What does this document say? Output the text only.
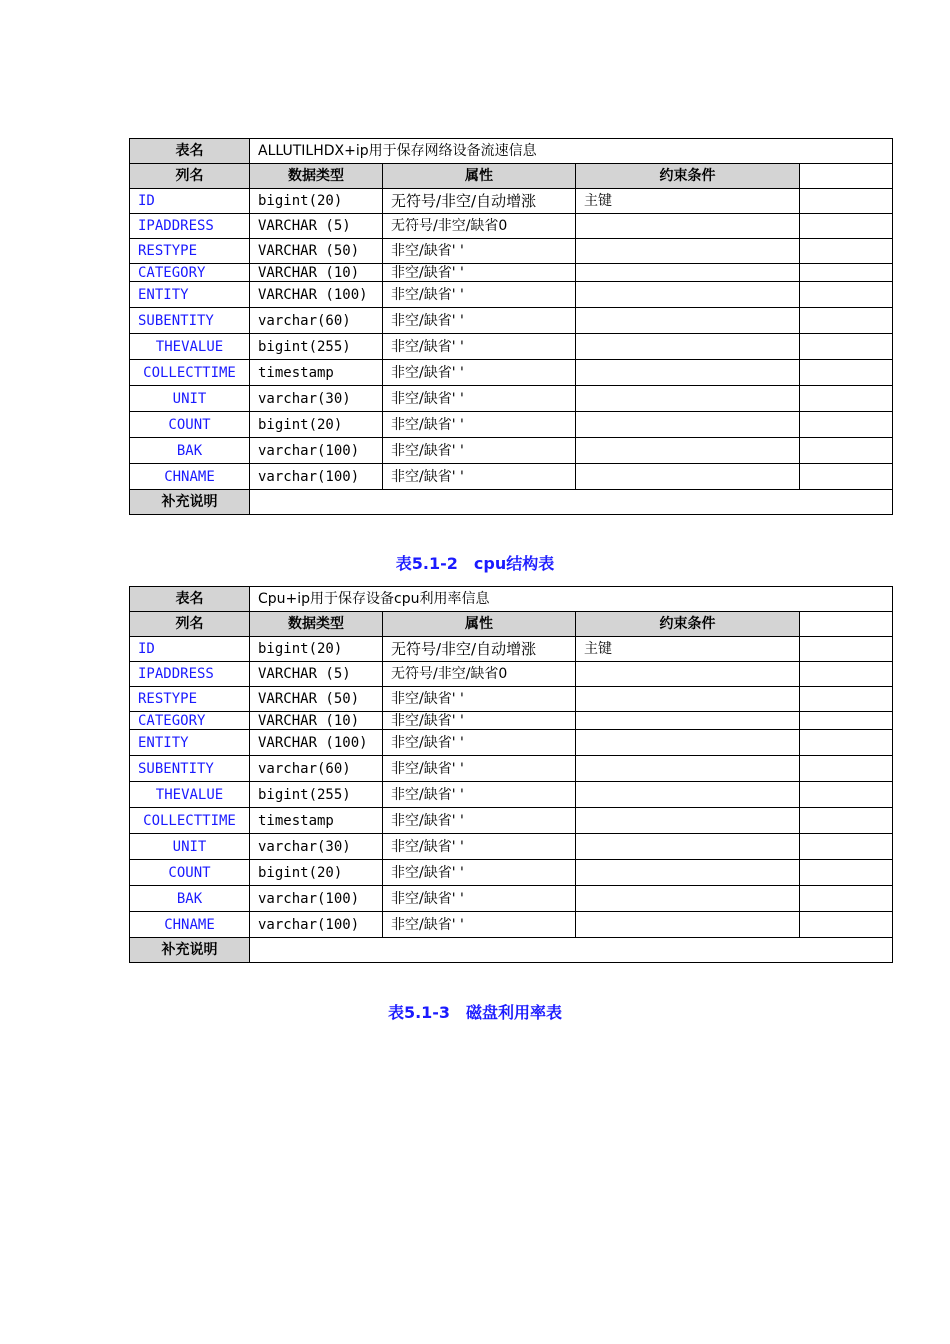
表名	ALLUTILHDX+ip用于保存网络设备流速信息			
列名	数据类型	属性	约束条件	
ID	bigint(20)	无符号/非空/自动增涨	主键	
IPADDRESS	VARCHAR (5)	无符号/非空/缺省0		
RESTYPE	VARCHAR (50)	非空/缺省' '		
CATEGORY	VARCHAR (10)	非空/缺省' '		
ENTITY	VARCHAR (100)	非空/缺省' '		
SUBENTITY	varchar(60)	非空/缺省' '		
THEVALUE	bigint(255)	非空/缺省' '		
COLLECTTIME	timestamp	非空/缺省' '		
UNIT	varchar(30)	非空/缺省' '		
COUNT	bigint(20)	非空/缺省' '		
BAK	varchar(100)	非空/缺省' '		
CHNAME	varchar(100)	非空/缺省' '		
补充说明				
表5.1-2　cpu结构表
表名	Cpu+ip用于保存设备cpu利用率信息			
列名	数据类型	属性	约束条件	
ID	bigint(20)	无符号/非空/自动增涨	主键	
IPADDRESS	VARCHAR (5)	无符号/非空/缺省0		
RESTYPE	VARCHAR (50)	非空/缺省' '		
CATEGORY	VARCHAR (10)	非空/缺省' '		
ENTITY	VARCHAR (100)	非空/缺省' '		
SUBENTITY	varchar(60)	非空/缺省' '		
THEVALUE	bigint(255)	非空/缺省' '		
COLLECTTIME	timestamp	非空/缺省' '		
UNIT	varchar(30)	非空/缺省' '		
COUNT	bigint(20)	非空/缺省' '		
BAK	varchar(100)	非空/缺省' '		
CHNAME	varchar(100)	非空/缺省' '		
补充说明				
表5.1-3　磁盘利用率表
